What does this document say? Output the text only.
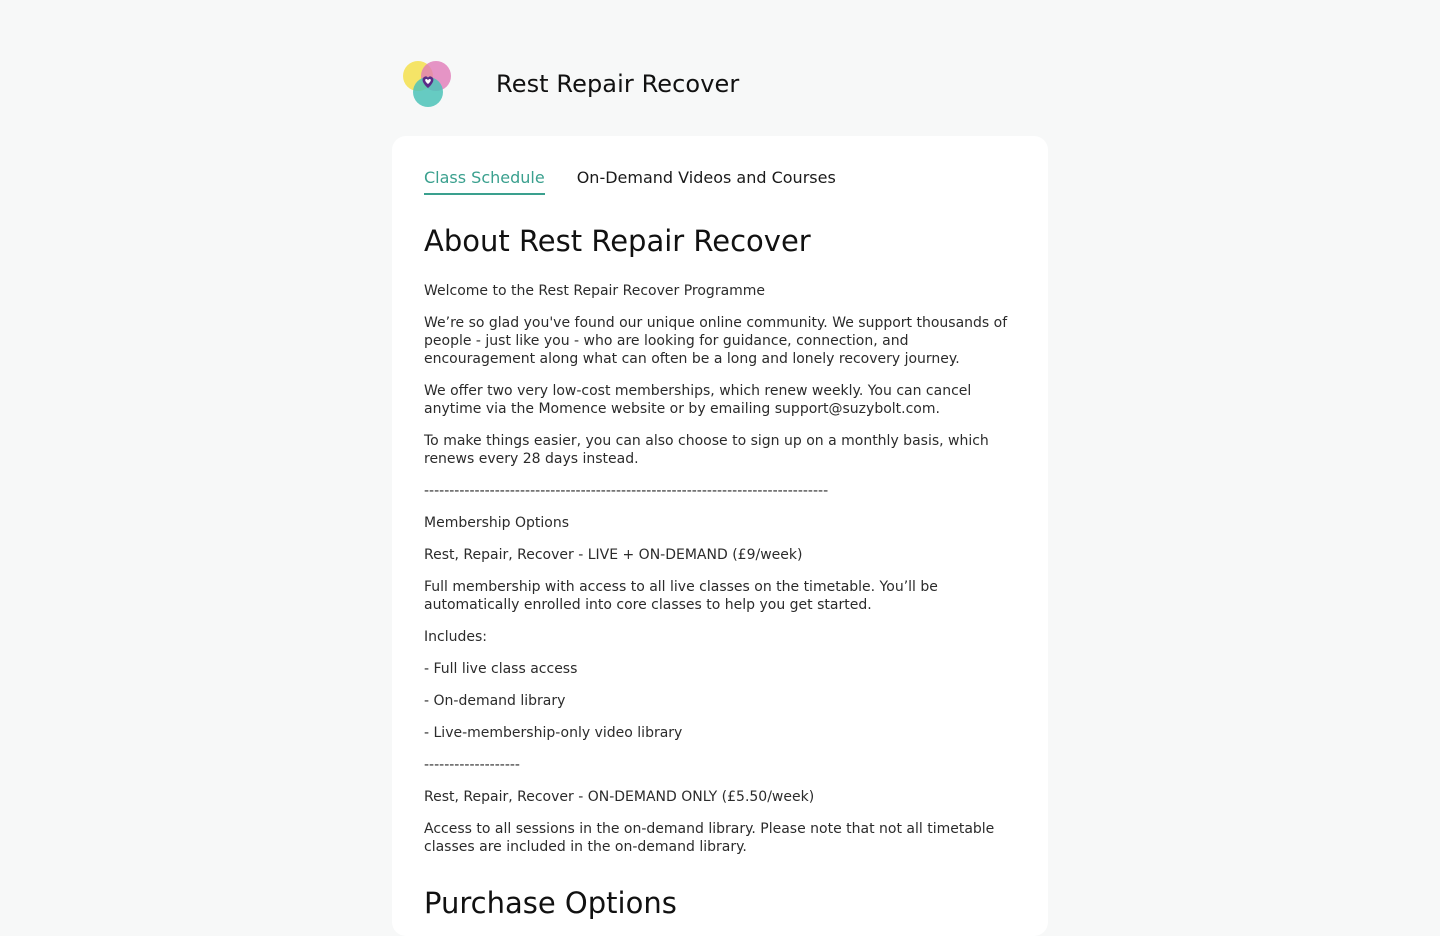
Rest Repair Recover
Class Schedule On-Demand Videos and Courses
About Rest Repair Recover

Welcome to the Rest Repair Recover Programme

We’re so glad you've found our unique online community. We support thousands of people - just like you - who are looking for guidance, connection, and encouragement along what can often be a long and lonely recovery journey.

We offer two very low-cost memberships, which renew weekly. You can cancel anytime via the Momence website or by emailing support@suzybolt.com.

To make things easier, you can also choose to sign up on a monthly basis, which renews every 28 days instead.

--------------------------------------------------------------------------------

Membership Options

Rest, Repair, Recover - LIVE + ON-DEMAND (£9/week)

Full membership with access to all live classes on the timetable. You’ll be automatically enrolled into core classes to help you get started.

Includes:

- Full live class access

- On-demand library

- Live-membership-only video library

-------------------

Rest, Repair, Recover - ON-DEMAND ONLY (£5.50/week)

Access to all sessions in the on-demand library. Please note that not all timetable classes are included in the on-demand library.

Purchase Options
